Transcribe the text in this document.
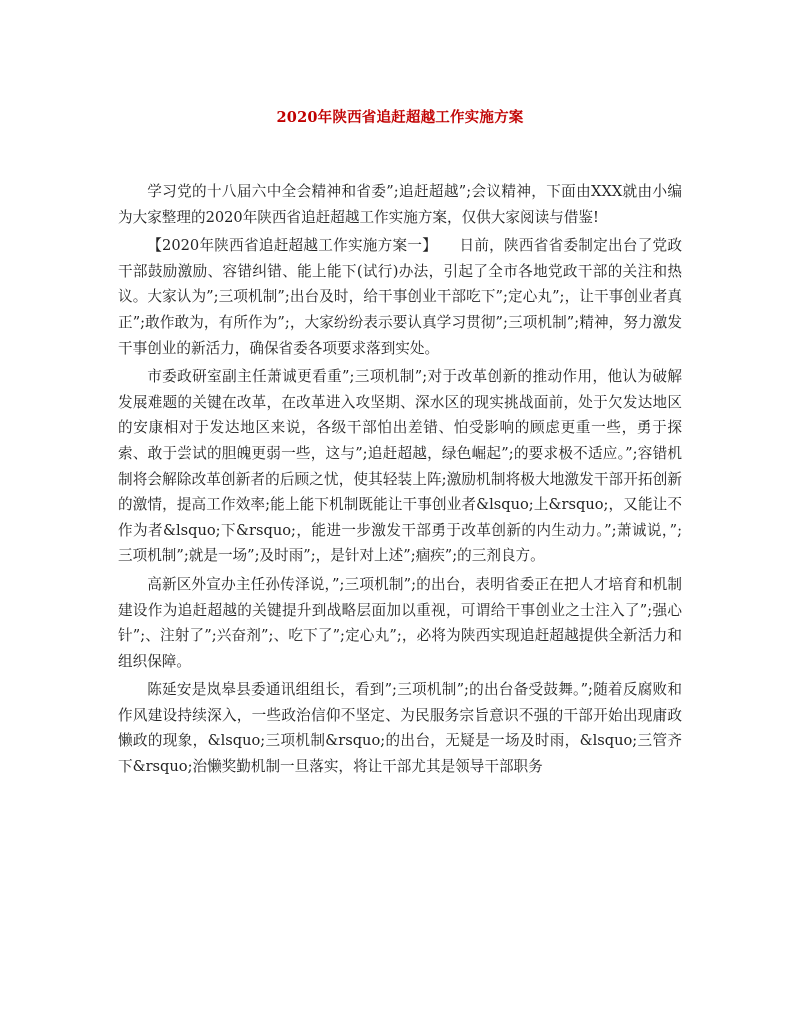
2020年陕西省追赶超越工作实施方案

学习党的十八届六中全会精神和省委”;追赶超越”;会议精神，下面由XXX就由小编为大家整理的2020年陕西省追赶超越工作实施方案，仅供大家阅读与借鉴!

【2020年陕西省追赶超越工作实施方案一】　　日前，陕西省省委制定出台了党政干部鼓励激励、容错纠错、能上能下(试行)办法，引起了全市各地党政干部的关注和热议。大家认为”;三项机制”;出台及时，给干事创业干部吃下”;定心丸”;，让干事创业者真正”;敢作敢为，有所作为”;，大家纷纷表示要认真学习贯彻”;三项机制”;精神，努力激发干事创业的新活力，确保省委各项要求落到实处。

市委政研室副主任萧诚更看重”;三项机制”;对于改革创新的推动作用，他认为破解发展难题的关键在改革，在改革进入攻坚期、深水区的现实挑战面前，处于欠发达地区的安康相对于发达地区来说，各级干部怕出差错、怕受影响的顾虑更重一些，勇于探索、敢于尝试的胆魄更弱一些，这与”;追赶超越，绿色崛起”;的要求极不适应。”;容错机制将会解除改革创新者的后顾之忧，使其轻装上阵;激励机制将极大地激发干部开拓创新的激情，提高工作效率;能上能下机制既能让干事创业者&lsquo;上&rsquo;，又能让不作为者&lsquo;下&rsquo;，能进一步激发干部勇于改革创新的内生动力。”;萧诚说，”;三项机制”;就是一场”;及时雨”;，是针对上述”;痼疾”;的三剂良方。

高新区外宣办主任孙传泽说，”;三项机制”;的出台，表明省委正在把人才培育和机制建设作为追赶超越的关键提升到战略层面加以重视，可谓给干事创业之士注入了”;强心针”;、注射了”;兴奋剂”;、吃下了”;定心丸”;，必将为陕西实现追赶超越提供全新活力和组织保障。

陈延安是岚皋县委通讯组组长，看到”;三项机制”;的出台备受鼓舞。”;随着反腐败和作风建设持续深入，一些政治信仰不坚定、为民服务宗旨意识不强的干部开始出现庸政懒政的现象，&lsquo;三项机制&rsquo;的出台，无疑是一场及时雨，&lsquo;三管齐下&rsquo;治懒奖勤机制一旦落实，将让干部尤其是领导干部职务
